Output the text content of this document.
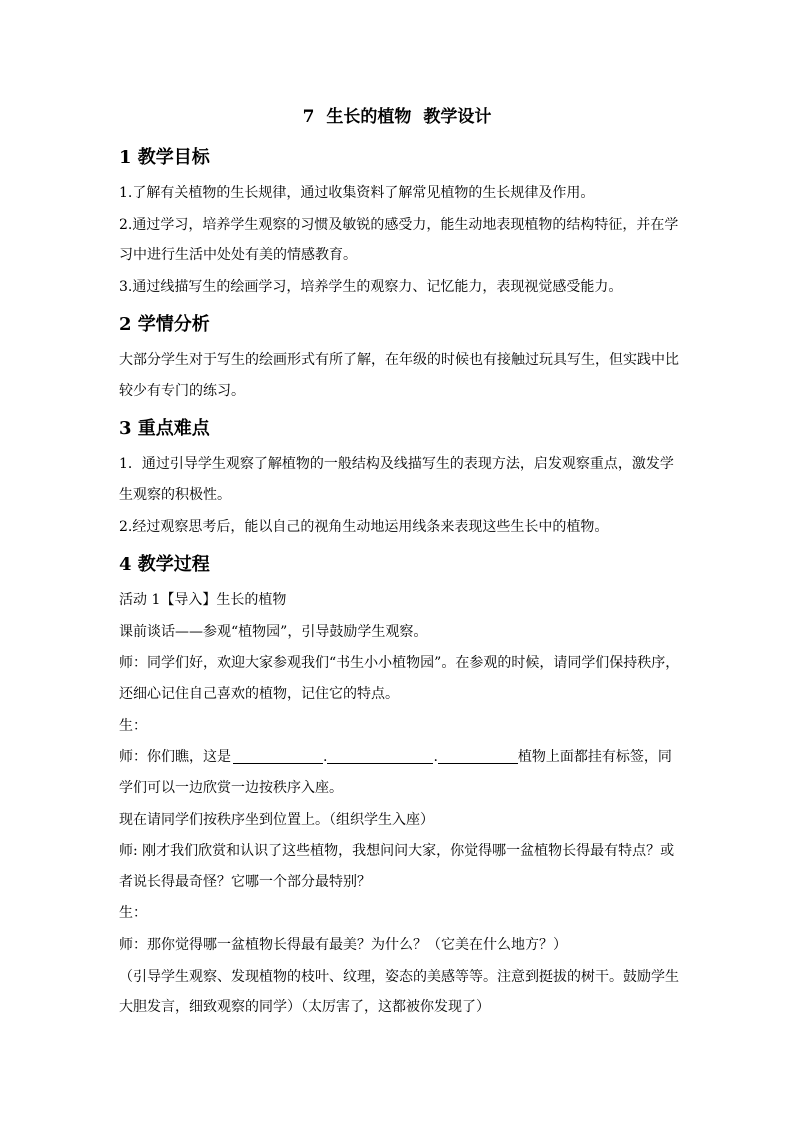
7 生长的植物 教学设计
1 教学目标
1.了解有关植物的生长规律，通过收集资料了解常见植物的生长规律及作用。
2.通过学习，培养学生观察的习惯及敏锐的感受力，能生动地表现植物的结构特征，并在学
习中进行生活中处处有美的情感教育。
3.通过线描写生的绘画学习，培养学生的观察力、记忆能力，表现视觉感受能力。
2 学情分析
大部分学生对于写生的绘画形式有所了解，在年级的时候也有接触过玩具写生，但实践中比
较少有专门的练习。
3 重点难点
1．通过引导学生观察了解植物的一般结构及线描写生的表现方法，启发观察重点，激发学
生观察的积极性。
2.经过观察思考后，能以自己的视角生动地运用线条来表现这些生长中的植物。
4 教学过程
活动 1【导入】生长的植物
课前谈话——参观“植物园”，引导鼓励学生观察。
师：同学们好，欢迎大家参观我们“书生小小植物园”。在参观的时候，请同学们保持秩序，
还细心记住自己喜欢的植物，记住它的特点。
生：
师：你们瞧，这是	.	.	植物上面都挂有标签，同
学们可以一边欣赏一边按秩序入座。
现在请同学们按秩序坐到位置上。（组织学生入座）
师: 刚才我们欣赏和认识了这些植物，我想问问大家，你觉得哪一盆植物长得最有特点？或
者说长得最奇怪？它哪一个部分最特别？
生：
师：那你觉得哪一盆植物长得最有最美？为什么？（它美在什么地方？）
（引导学生观察、发现植物的枝叶、纹理，姿态的美感等等。注意到挺拔的树干。鼓励学生
大胆发言，细致观察的同学）（太厉害了，这都被你发现了）
